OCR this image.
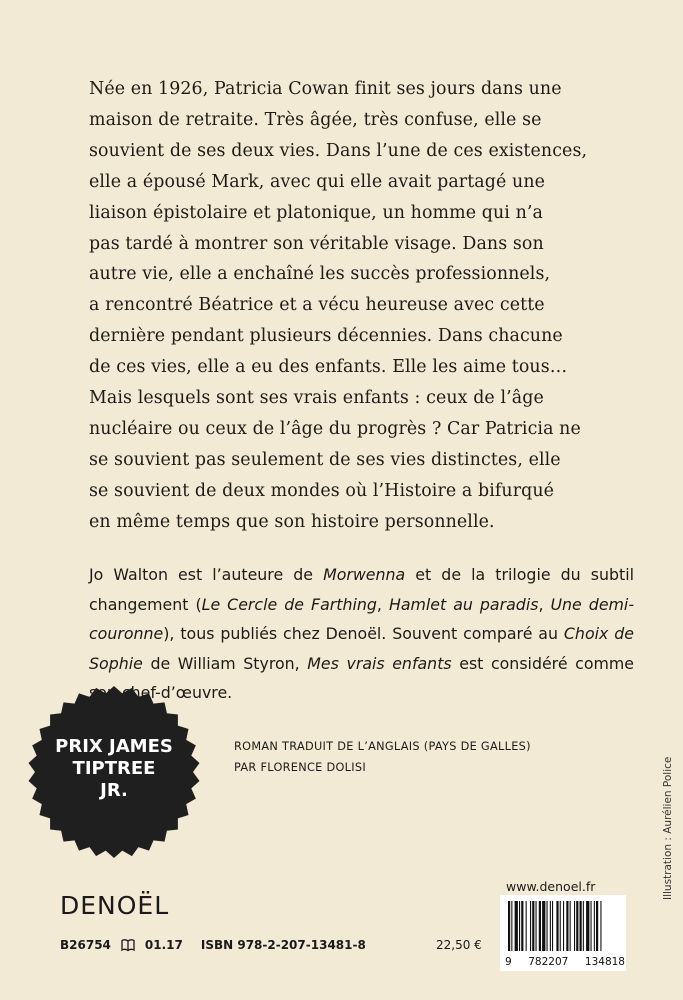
Née en 1926, Patricia Cowan finit ses jours dans une
maison de retraite. Très âgée, très confuse, elle se
souvient de ses deux vies. Dans l’une de ces existences,
elle a épousé Mark, avec qui elle avait partagé une
liaison épistolaire et platonique, un homme qui n’a
pas tardé à montrer son véritable visage. Dans son
autre vie, elle a enchaîné les succès professionnels,
a rencontré Béatrice et a vécu heureuse avec cette
dernière pendant plusieurs décennies. Dans chacune
de ces vies, elle a eu des enfants. Elle les aime tous…
Mais lesquels sont ses vrais enfants : ceux de l’âge
nucléaire ou ceux de l’âge du progrès ? Car Patricia ne
se souvient pas seulement de ses vies distinctes, elle
se souvient de deux mondes où l’Histoire a bifurqué
en même temps que son histoire personnelle.
Jo Walton est l’auteure de Morwenna et de la trilogie du subtil changement (Le Cercle de Farthing, Hamlet au paradis, Une demi-couronne), tous publiés chez Denoël. Souvent comparé au Choix de Sophie de William Styron, Mes vrais enfants est considéré comme son chef-d’œuvre.
PRIX JAMES
TIPTREE
JR.
ROMAN TRADUIT DE L’ANGLAIS (PAYS DE GALLES)
PAR FLORENCE DOLISI
DENOËL
B26754	01.17 ISBN 978-2-207-13481-8	22,50 €
www.denoel.fr
9 782207 134818
Illustration : Aurélien Police
